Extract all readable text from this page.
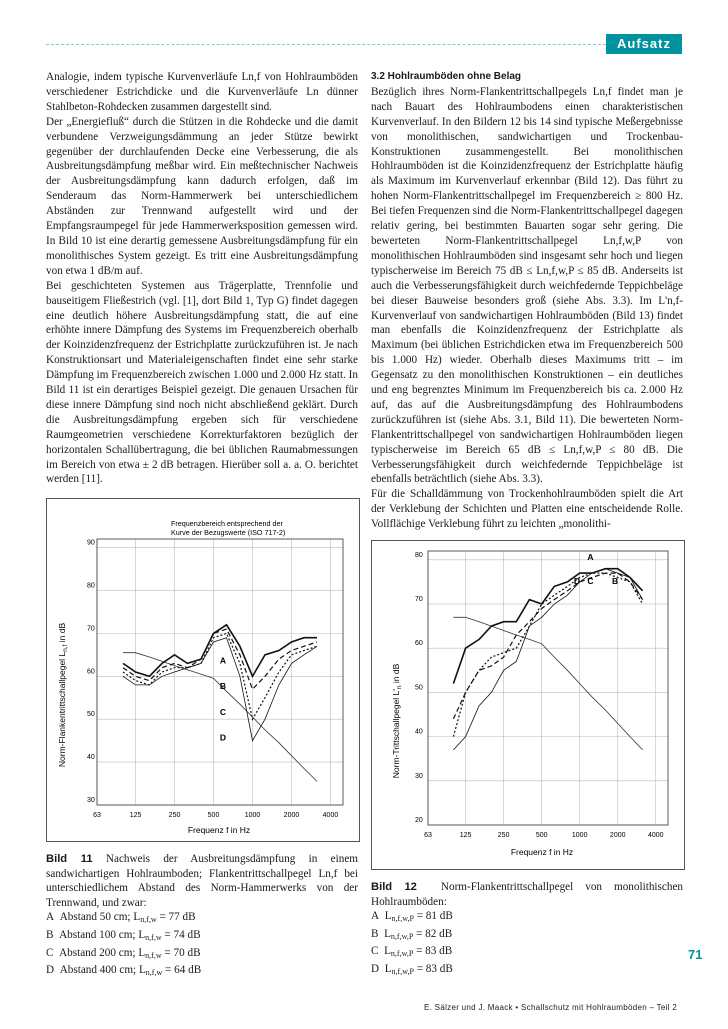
Aufsatz

Analogie, indem typische Kurvenverläufe Ln,f von Hohlraumböden verschiedener Estrichdicke und die Kurvenverläufe Ln dünner Stahlbeton-Rohdecken zusammen dargestellt sind.

Der „Energiefluß“ durch die Stützen in die Rohdecke und die damit verbundene Verzweigungsdämmung an jeder Stütze bewirkt gegenüber der durchlaufenden Decke eine Verbesserung, die als Ausbreitungsdämpfung meßbar wird. Ein meßtechnischer Nachweis der Ausbreitungsdämpfung kann dadurch erfolgen, daß im Senderaum das Norm-Hammerwerk bei unterschiedlichem Abständen zur Trennwand aufgestellt wird und der Empfangsraumpegel für jede Hammerwerksposition gemessen wird. In Bild 10 ist eine derartig gemessene Ausbreitungsdämpfung für ein monolithisches System gezeigt. Es tritt eine Ausbreitungsdämpfung von etwa 1 dB/m auf.

Bei geschichteten Systemen aus Trägerplatte, Trennfolie und bauseitigem Fließestrich (vgl. [1], dort Bild 1, Typ G) findet dagegen eine deutlich höhere Ausbreitungsdämpfung statt, die auf eine erhöhte innere Dämpfung des Systems im Frequenzbereich oberhalb der Koinzidenzfrequenz der Estrichplatte zurückzuführen ist. Je nach Konstruktionsart und Materialeigenschaften findet eine sehr starke Dämpfung im Frequenzbereich zwischen 1.000 und 2.000 Hz statt. In Bild 11 ist ein derartiges Beispiel gezeigt. Die genauen Ursachen für diese innere Dämpfung sind noch nicht abschließend geklärt. Durch die Ausbreitungsdämpfung ergeben sich für verschiedene Raumgeometrien verschiedene Korrekturfaktoren bezüglich der horizontalen Schallübertragung, die bei üblichen Raumabmessungen im Bereich von etwa ± 2 dB betragen. Hierüber soll a. a. O. berichtet werden [11].

3.2 Hohlraumböden ohne Belag

Bezüglich ihres Norm-Flankentrittschallpegels Ln,f findet man je nach Bauart des Hohlraumbodens einen charakteristischen Kurvenverlauf. In den Bildern 12 bis 14 sind typische Meßergebnisse von monolithischen, sandwichartigen und Trockenbau- Konstruktionen zusammengestellt. Bei monolithischen Hohlraumböden ist die Koinzidenzfrequenz der Estrichplatte häufig als Maximum im Kurvenverlauf erkennbar (Bild 12). Das führt zu hohen Norm-Flankentrittschallpegel im Frequenzbereich ≥ 800 Hz. Bei tiefen Frequenzen sind die Norm-Flankentrittschallpegel dagegen relativ gering, bei bestimmten Bauarten sogar sehr gering. Die bewerteten Norm-Flankentrittschallpegel Ln,f,w,P von monolithischen Hohlraumböden sind insgesamt sehr hoch und liegen typischerweise im Bereich 75 dB ≤ Ln,f,w,P ≤ 85 dB. Anderseits ist auch die Verbesserungsfähigkeit durch weichfedernde Teppichbeläge bei dieser Bauweise besonders groß (siehe Abs. 3.3). Im L'n,f-Kurvenverlauf von sandwichartigen Hohlraumböden (Bild 13) findet man ebenfalls die Koinzidenzfrequenz der Estrichplatte als Maximum (bei üblichen Estrichdicken etwa im Frequenzbereich 500 bis 1.000 Hz) wieder. Oberhalb dieses Maximums tritt – im Gegensatz zu den monolithischen Konstruktionen – ein deutliches und eng begrenztes Minimum im Frequenzbereich bis ca. 2.000 Hz auf, das auf die Ausbreitungsdämpfung des Hohlraumbodens zurückzuführen ist (siehe Abs. 3.1, Bild 11). Die bewerteten Norm-Flankentrittschallpegel von sandwichartigen Hohlraumböden liegen typischerweise im Bereich 65 dB ≤ Ln,f,w,P ≤ 80 dB. Die Verbesserungsfähigkeit durch weichfedernde Teppichbeläge ist ebenfalls beträchtlich (siehe Abs. 3.3).

Für die Schalldämmung von Trockenhohlraumböden spielt die Art der Verklebung der Schichten und Platten eine entscheidende Rolle. Vollflächige Verklebung führt zu leichten „monolithi-

30
40
50
60
70
80
90
63	125	250	500	1000	2000	4000
A
B
C
D
Norm-Flankentrittschallpegel $L_{n,f}$ in dB
Frequenz f in Hz
Frequenzbereich entsprechend der
Kurve der Bezugswerte (ISO 717-2)
20
30
40
50
60
70
80
63	125	250	500	1000	2000	4000
A
B
C
D
Norm-Trittschallpegel $L'_n$ in dB
Frequenz f in Hz

Bild 11 Nachweis der Ausbreitungsdämpfung in einem sandwichartigen Hohlraumboden; Flankentrittschallpegel Ln,f bei unterschiedlichem Abstand des Norm-Hammerwerks von der Trennwand, und zwar:

A Abstand 50 cm; $L_{n,f,w} = 77$ dB

B Abstand 100 cm; $L_{n,f,w} = 74$ dB

C Abstand 200 cm; $L_{n,f,w} = 70$ dB

D Abstand 400 cm; $L_{n,f,w} = 64$ dB

Bild 12 Norm-Flankentrittschallpegel von monolithischen Hohlraumböden:

A $L_{n,f,w,P} = 81$ dB

B $L_{n,f,w,P} = 82$ dB

C $L_{n,f,w,P} = 83$ dB

D $L_{n,f,w,P} = 83$ dB

71
E. Sälzer und J. Maack • Schallschutz mit Hohlraumböden – Teil 2
